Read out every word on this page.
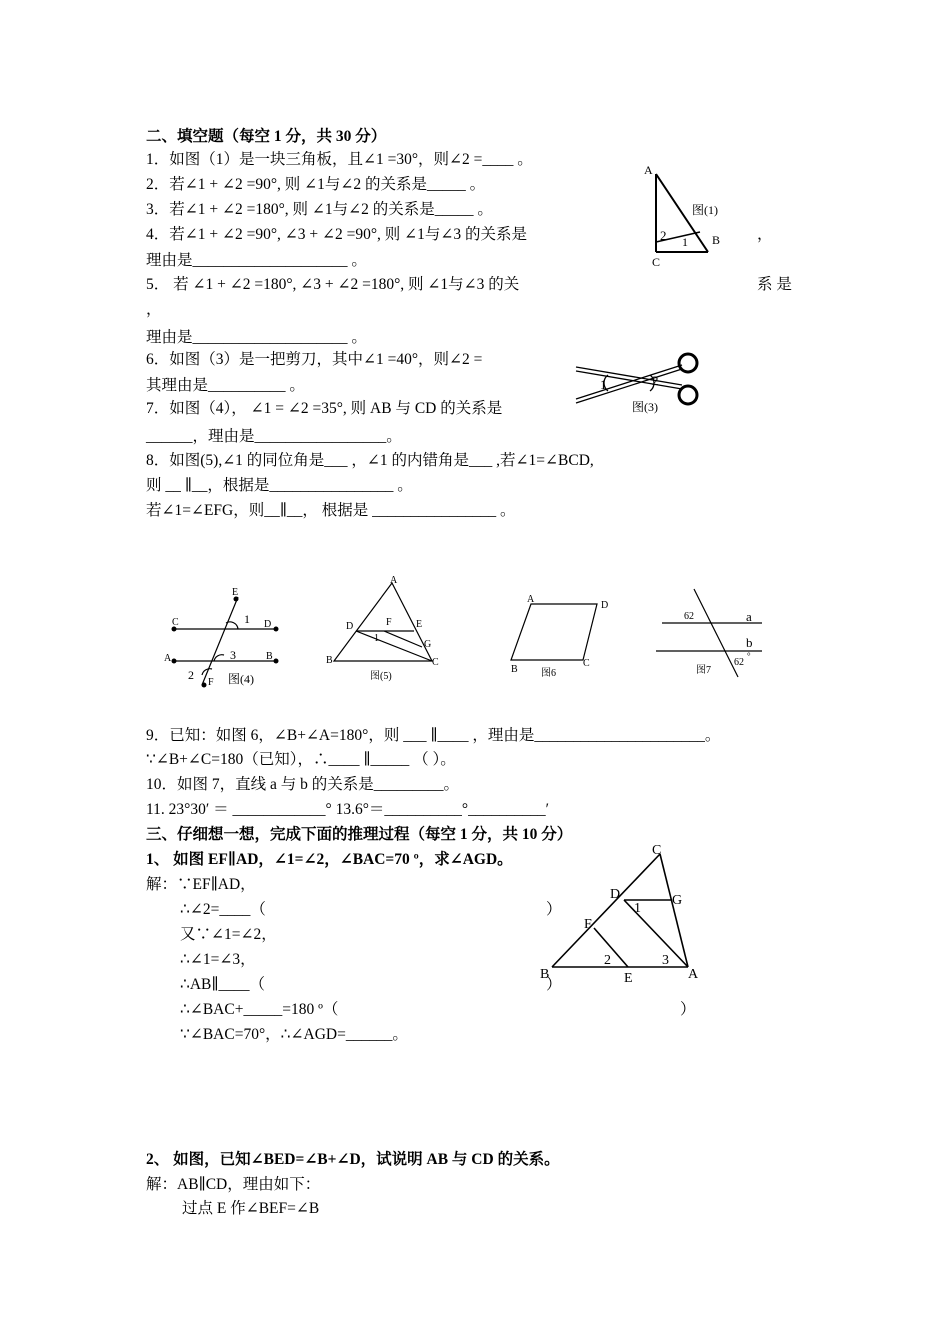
二、填空题（每空 1 分，共 30 分）
1．如图（1）是一块三角板，且∠1 =30°，则∠2 =____ 。
2．若∠1 + ∠2 =90°, 则 ∠1与∠2 的关系是_____ 。
3．若∠1 + ∠2 =180°, 则 ∠1与∠2 的关系是_____ 。
4．若∠1 + ∠2 =90°, ∠3 + ∠2 =90°, 则 ∠1与∠3 的关系是	，
理由是____________________ 。
5． 若 ∠1 + ∠2 =180°, ∠3 + ∠2 =180°, 则 ∠1与∠3 的关	系 是
，
理由是____________________ 。
6．如图（3）是一把剪刀，其中∠1 =40°，则∠2 =
其理由是__________ 。
7．如图（4）， ∠1 = ∠2 =35°, 则 AB 与 CD 的关系是
______，理由是_________________。
8．如图(5),∠1 的同位角是___ ，∠1 的内错角是___ ,若∠1=∠BCD,
则 __ ∥__，根据是________________ 。
若∠1=∠EFG，则__∥__， 根据是 ________________ 。
9．已知：如图 6，∠B+∠A=180°，则 ___ ∥____ ，理由是______________________。
∵∠B+∠C=180（已知），∴____ ∥_____ （ ）。
10．如图 7，直线 a 与 b 的关系是_________。
11. 23°30′ ＝ ____________° 13.6°＝__________°__________′
三、仔细想一想，完成下面的推理过程（每空 1 分，共 10 分）
1、 如图 EF∥AD，∠1=∠2，∠BAC=70 º，求∠AGD。
解：∵EF∥AD，
∴∠2=____（	）
又∵∠1=∠2，
∴∠1=∠3，
∴AB∥____（	）
∴∠BAC+_____=180 º（	）
∵∠BAC=70°，∴∠AGD=______。
2、 如图，已知∠BED=∠B+∠D，试说明 AB 与 CD 的关系。
解：AB∥CD，理由如下：
过点 E 作∠BEF=∠B
A
B
C
2 1
图(1)
1	2
图(3)
E
C	D
A	B
F
1
2
3
图(4)
A
D	F E
G
B	C
1
图(5)
A
D
B
C
图6
62
62
°
a
b
图7
C
D	G
F
B	E	A
1
2	3
